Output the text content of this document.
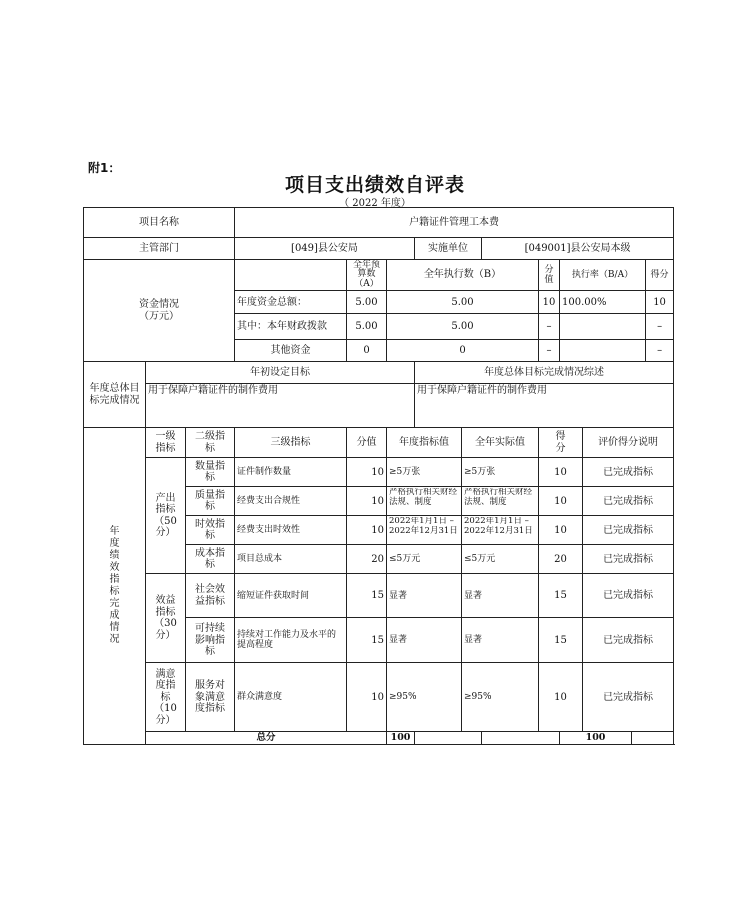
附1：
项目支出绩效自评表
（ 2022 年度）
项目名称			户籍证件管理工本费										
主管部门			[049]县公安局			实施单位		[049001]县公安局本级					
资金情况
（万元）				全年预算数（A）	全年执行数（B）				分值	执行率（B/A）			得分
			年度资金总额：	5.00	5.00				10	100.00%			10
			其中：本年财政拨款	5.00	5.00				–				–
			其他资金	0	0				–				–
年度总体目标完成情况	年初设定目标					年度总体目标完成情况综述							
	用于保障户籍证件的制作费用					用于保障户籍证件的制作费用							

年度绩效指标完成情况	一级指标	二级指标	三级指标	分值	年度指标值		全年实际值		得分		评价得分说明		

	产出指标（50分）	数量指标	证件制作数量	10	≥5万张		≥5万张		10		已完成指标		

		质量指标	经费支出合规性	10	严格执行相关财经法规、制度		严格执行相关财经法规、制度		10		已完成指标		

		时效指标	经费支出时效性	10	2022年1月1日 – 2022年12月31日		2022年1月1日 – 2022年12月31日		10		已完成指标		

		成本指标	项目总成本	20	≤5万元		≤5万元		20		已完成指标		

	效益指标（30分）	社会效益指标	缩短证件获取时间	15	显著		显著		15		已完成指标		

		可持续影响指标	持续对工作能力及水平的提高程度	15	显著		显著		15		已完成指标		

	满意度指标（10分）	服务对象满意度指标	群众满意度	10	≥95%		≥95%		10		已完成指标		
	总分				100					100			
